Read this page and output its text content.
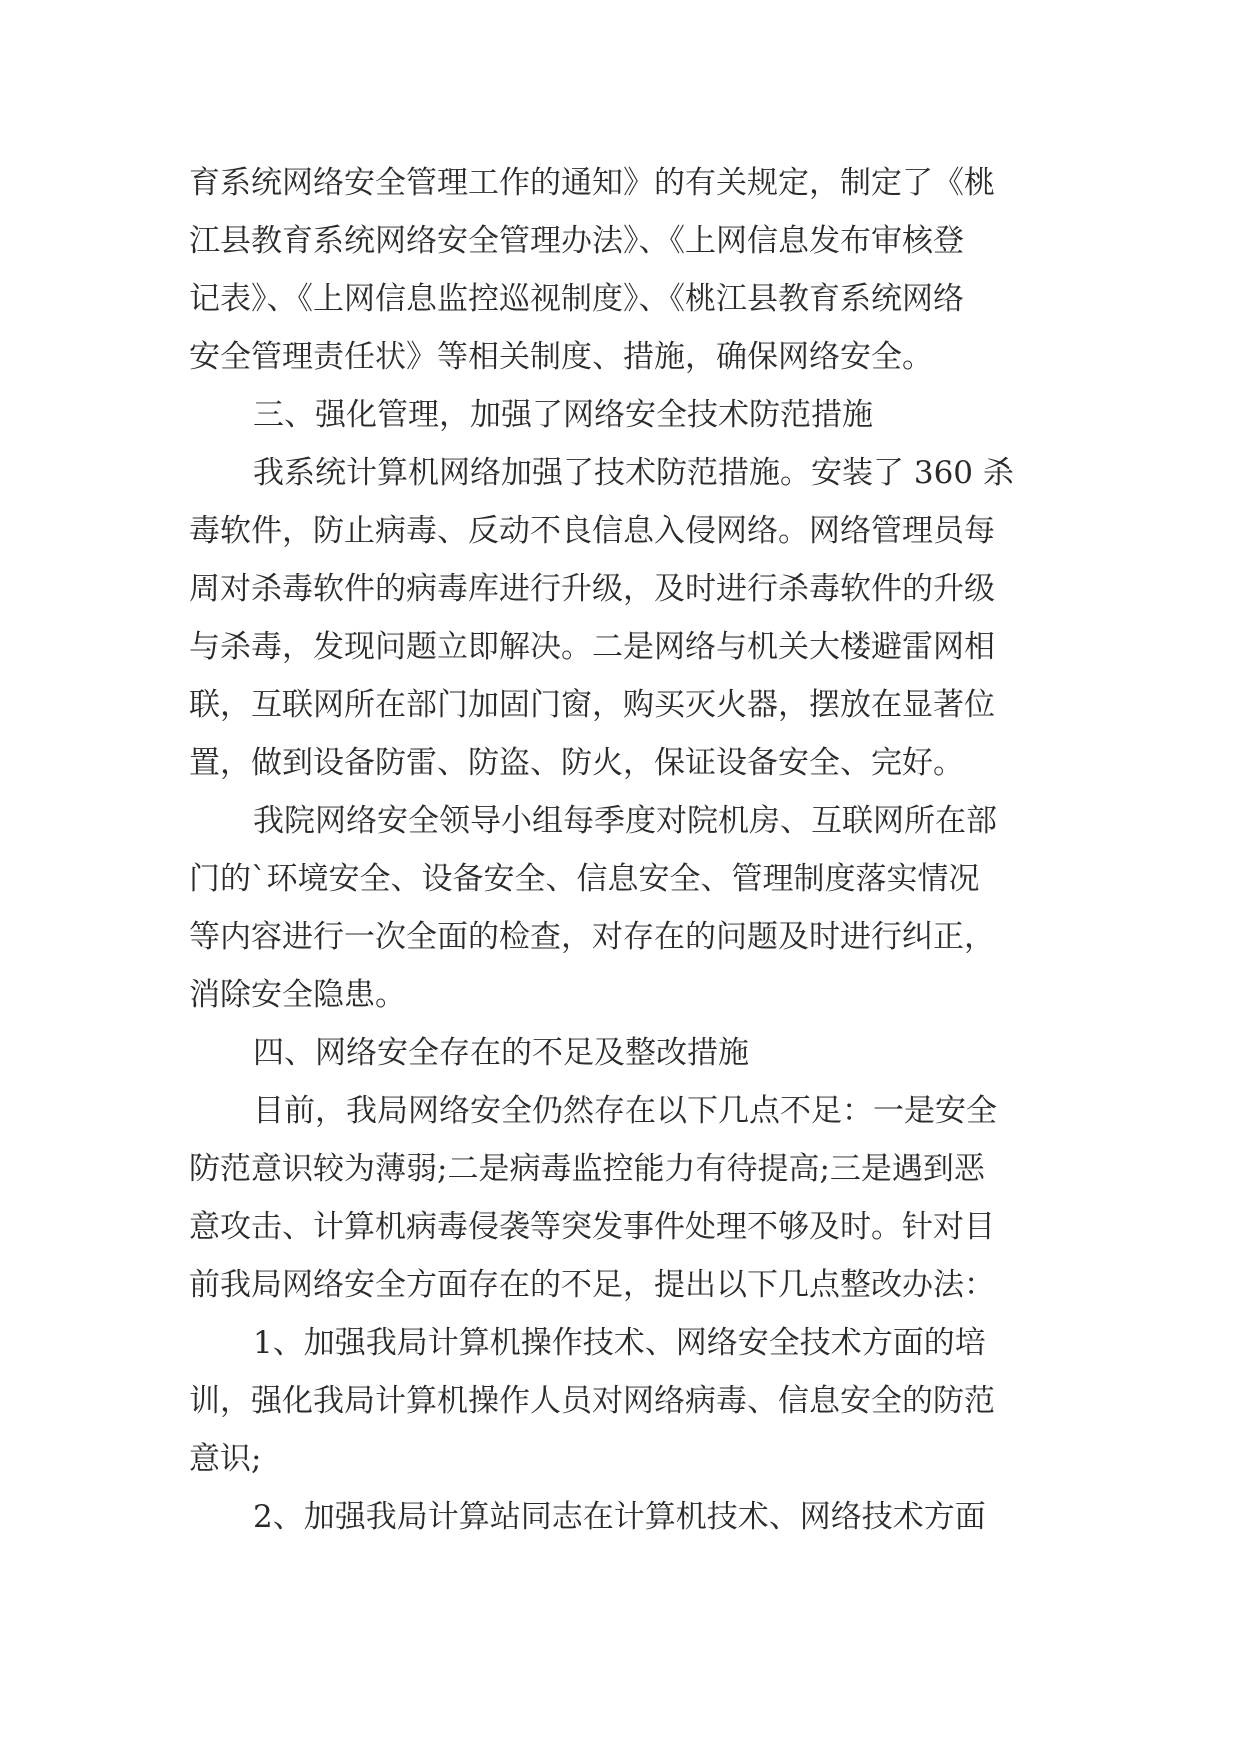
育系统网络安全管理工作的通知》的有关规定，制定了《桃
江县教育系统网络安全管理办法》、《上网信息发布审核登
记表》、《上网信息监控巡视制度》、《桃江县教育系统网络
安全管理责任状》等相关制度、措施，确保网络安全。
三、强化管理，加强了网络安全技术防范措施
我系统计算机网络加强了技术防范措施。安装了 360 杀
毒软件，防止病毒、反动不良信息入侵网络。网络管理员每
周对杀毒软件的病毒库进行升级，及时进行杀毒软件的升级
与杀毒，发现问题立即解决。二是网络与机关大楼避雷网相
联，互联网所在部门加固门窗，购买灭火器，摆放在显著位
置，做到设备防雷、防盗、防火，保证设备安全、完好。
我院网络安全领导小组每季度对院机房、互联网所在部
门的`环境安全、设备安全、信息安全、管理制度落实情况
等内容进行一次全面的检查，对存在的问题及时进行纠正，
消除安全隐患。
四、网络安全存在的不足及整改措施
目前，我局网络安全仍然存在以下几点不足：一是安全
防范意识较为薄弱;二是病毒监控能力有待提高;三是遇到恶
意攻击、计算机病毒侵袭等突发事件处理不够及时。针对目
前我局网络安全方面存在的不足，提出以下几点整改办法：
1、加强我局计算机操作技术、网络安全技术方面的培
训，强化我局计算机操作人员对网络病毒、信息安全的防范
意识;
2、加强我局计算站同志在计算机技术、网络技术方面
